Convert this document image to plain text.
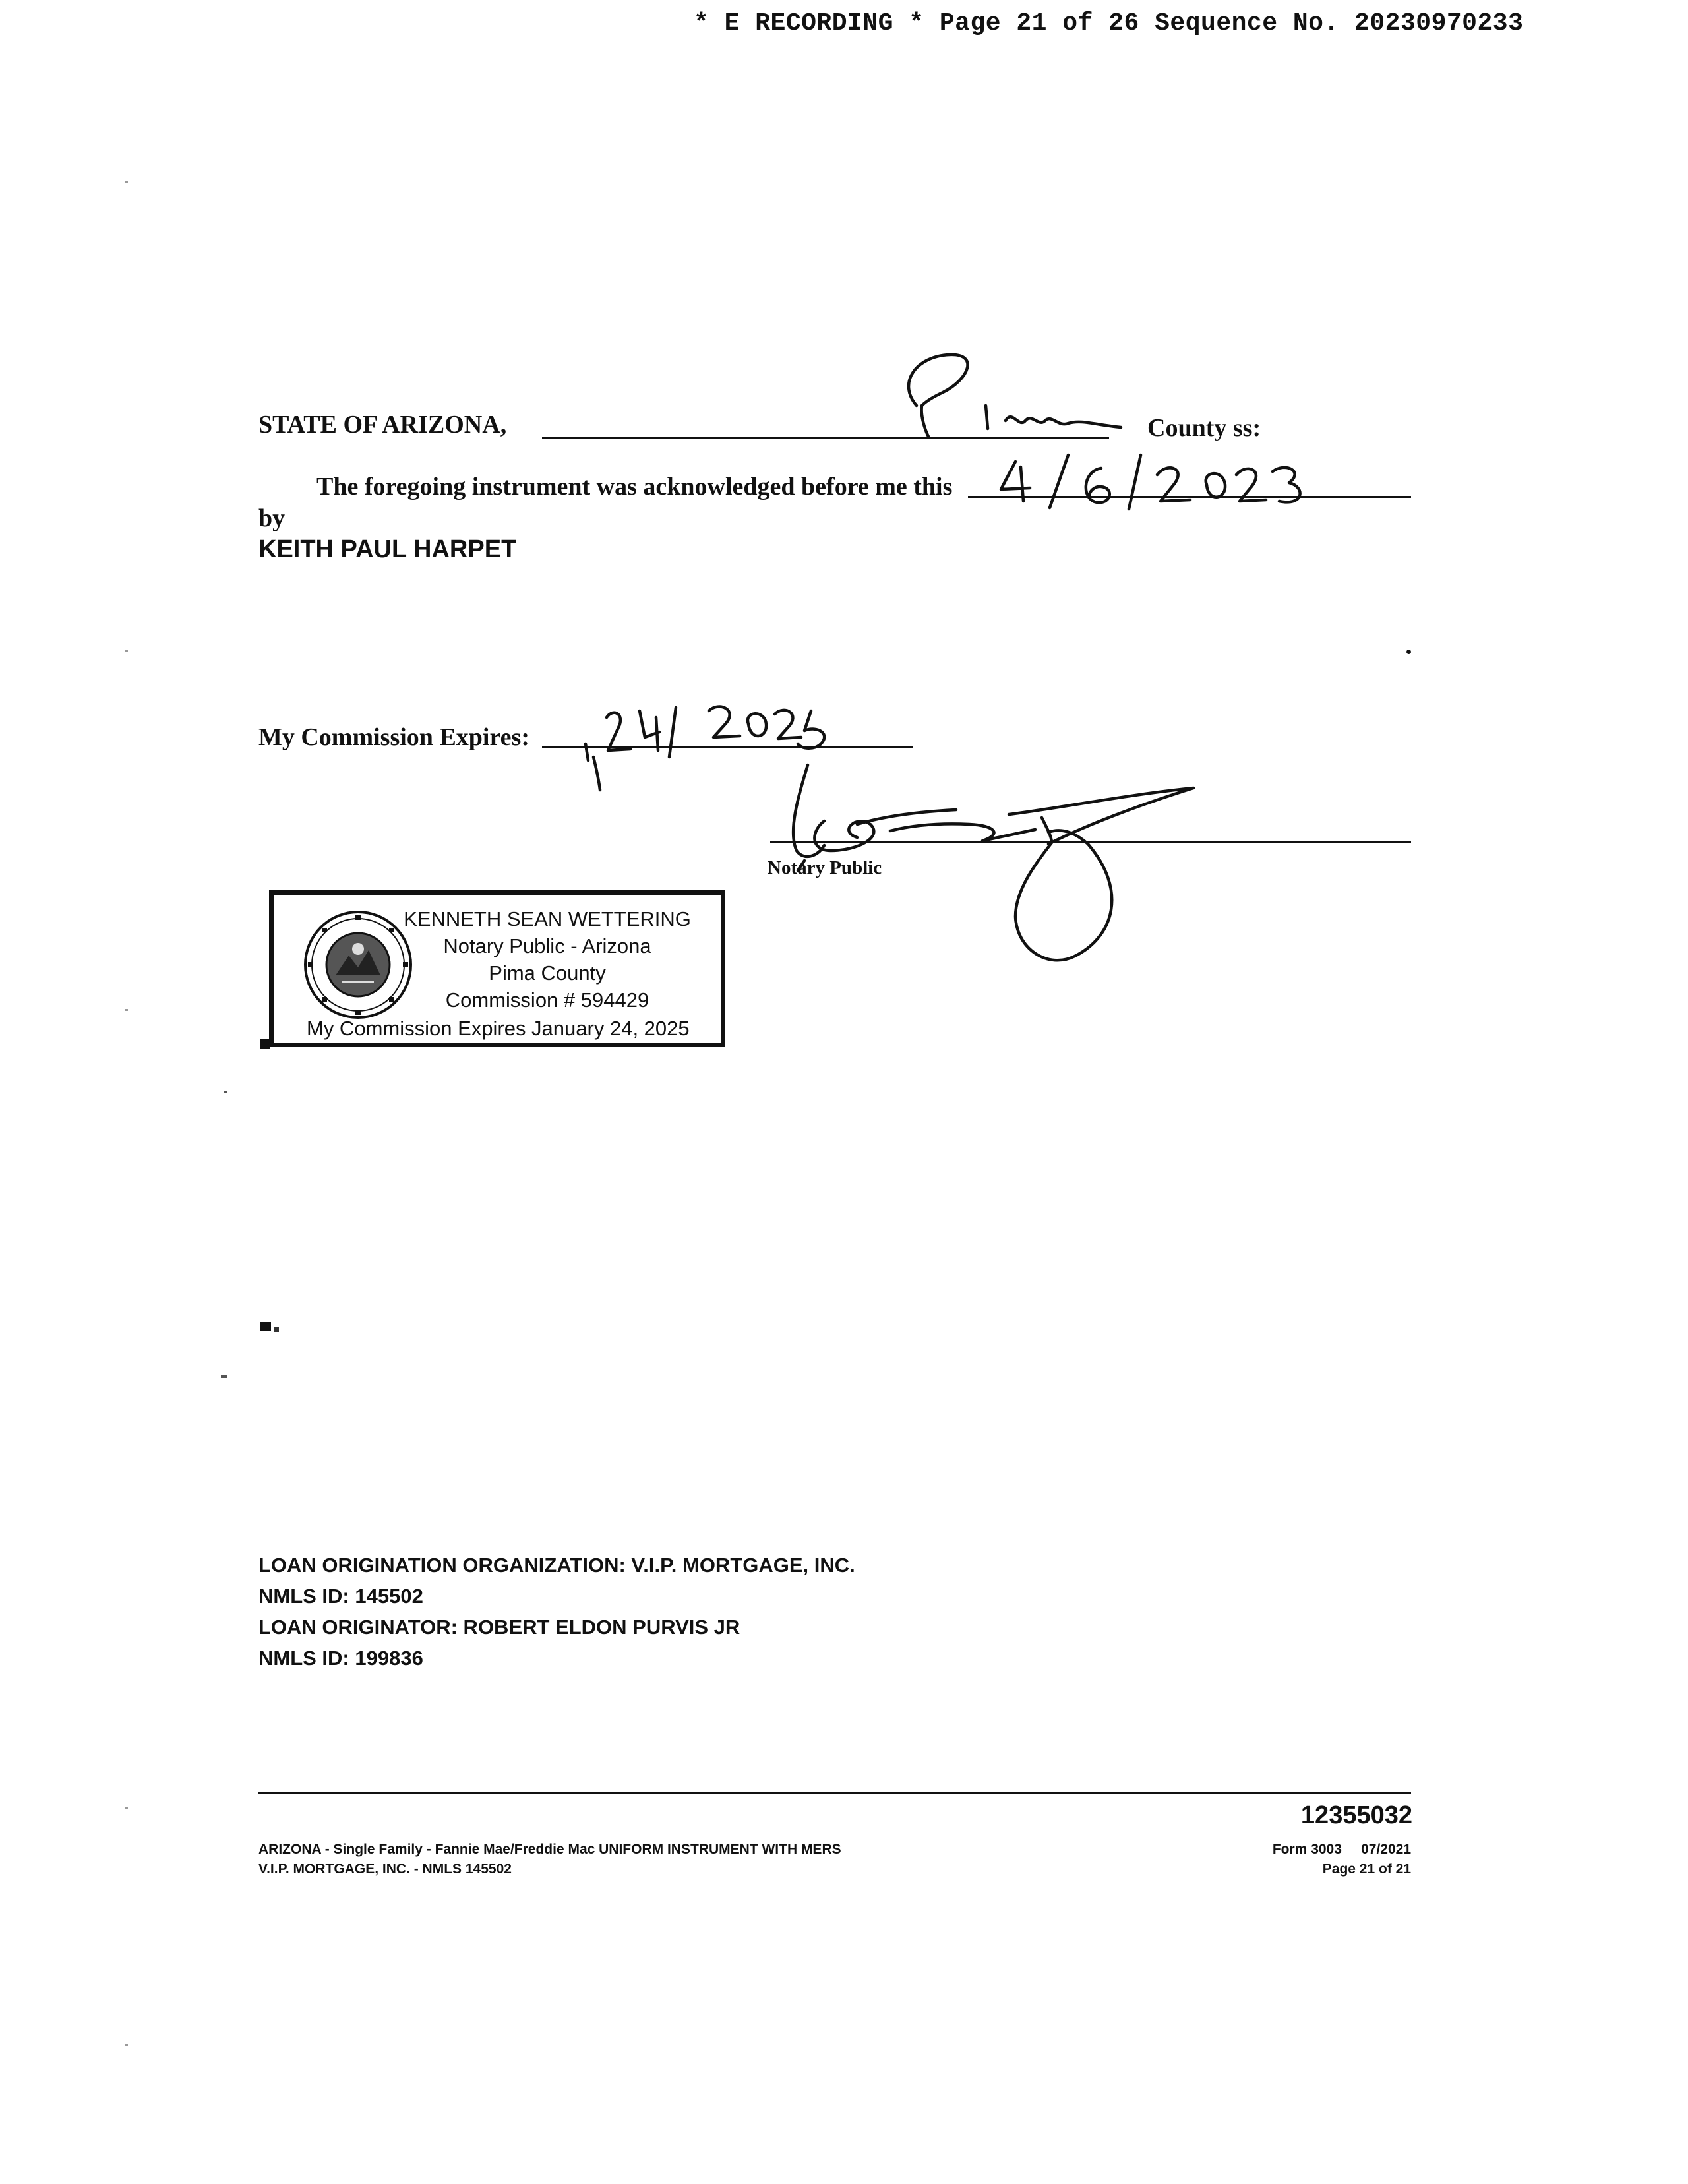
* E RECORDING * Page 21 of 26 Sequence No. 20230970233
STATE OF ARIZONA,	County ss:
The foregoing instrument was acknowledged before me this
by
KEITH PAUL HARPET
My Commission Expires:
Notary Public
KENNETH SEAN WETTERING
Notary Public - Arizona
Pima County
Commission # 594429
My Commission Expires January 24, 2025
LOAN ORIGINATION ORGANIZATION: V.I.P. MORTGAGE, INC.
NMLS ID: 145502
LOAN ORIGINATOR: ROBERT ELDON PURVIS JR
NMLS ID: 199836
12355032
ARIZONA - Single Family - Fannie Mae/Freddie Mac UNIFORM INSTRUMENT WITH MERS
V.I.P. MORTGAGE, INC. - NMLS 145502
Form 3003     07/2021
Page 21 of 21
